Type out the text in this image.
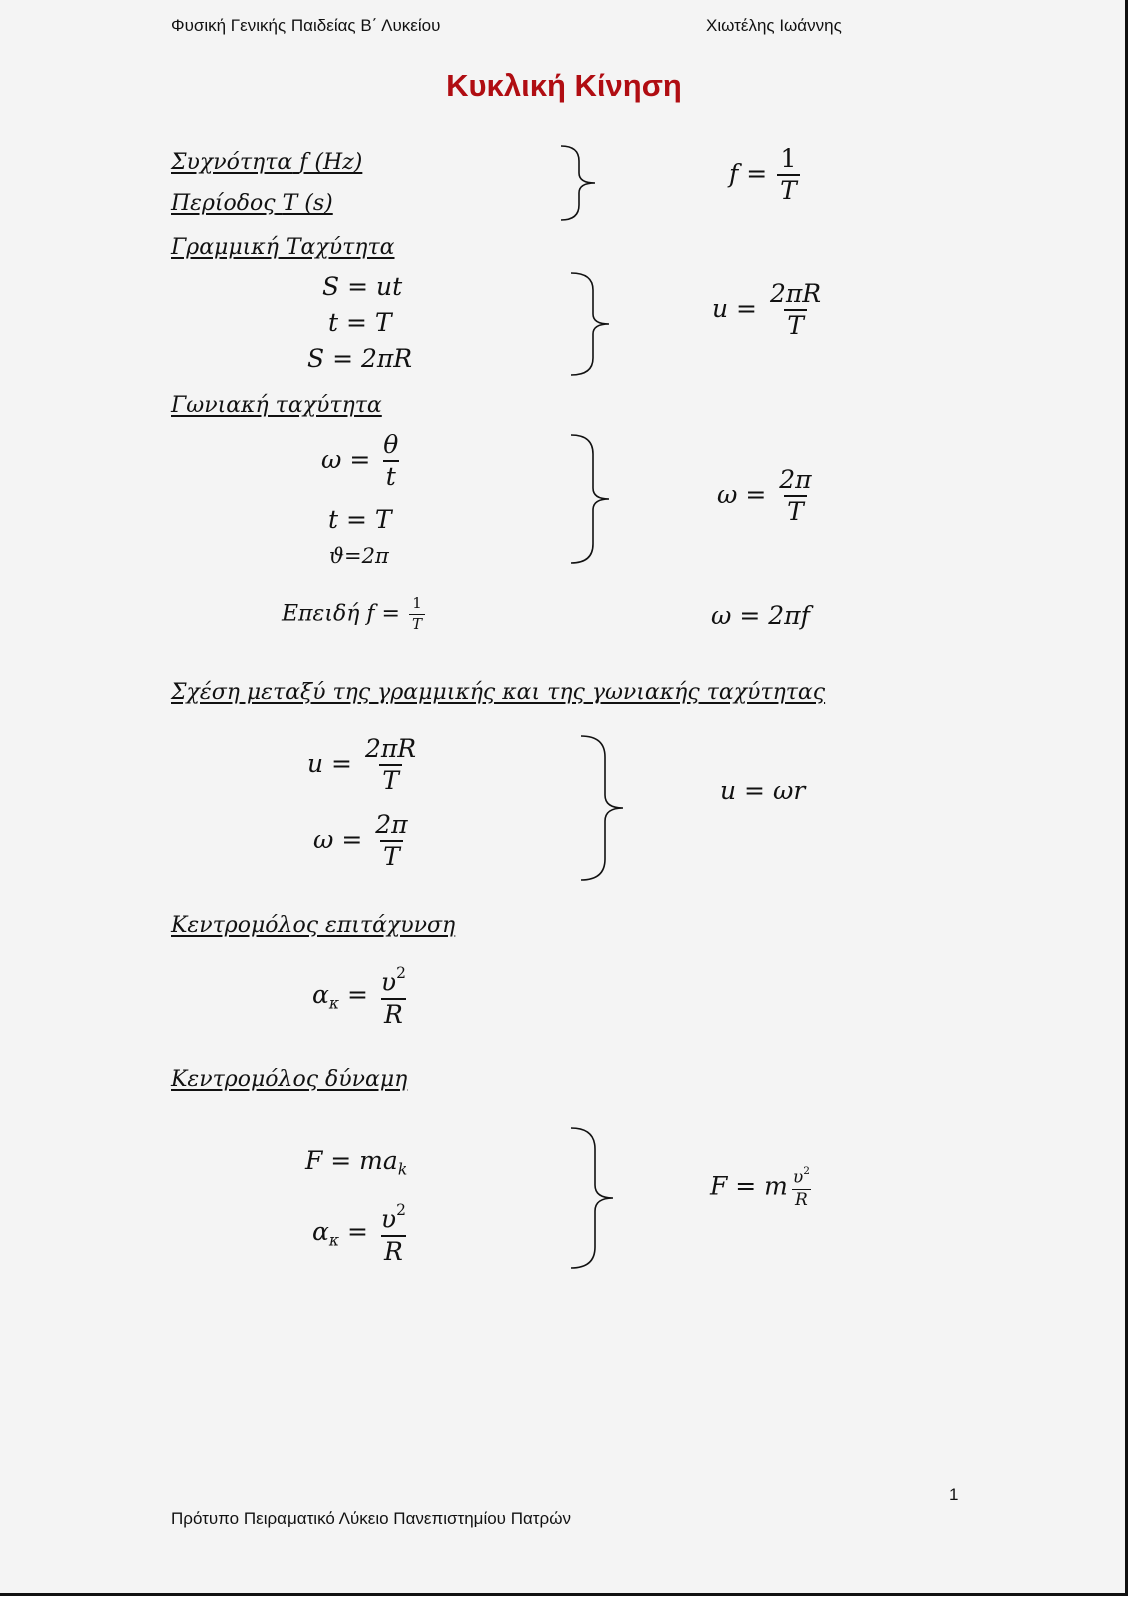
Φυσική Γενικής Παιδείας Β΄ Λυκείου	Χιωτέλης Ιωάννης
Κυκλική Κίνηση
Συχνότητα f (Hz)
Περίοδος T (s)
$f = \frac{1}{T}$
Γραμμική Ταχύτητα
S = ut
t = T
S = 2πR
$u = \frac{2\pi R}{T}$
Γωνιακή ταχύτητα
$\omega = \frac{\theta}{t}$
t = T
ϑ=2π
$\omega = \frac{2\pi}{T}$
Επειδή $f = \frac{1}{T}$	ω = 2πf
Σχέση μεταξύ της γραμμικής και της γωνιακής ταχύτητας
$u = \frac{2\pi R}{T}$
$\omega = \frac{2\pi}{T}$
u = ωr
Κεντρομόλος επιτάχυνση
$\alpha_\kappa = \frac{\upsilon^2}{R}$
Κεντρομόλος δύναμη
$F = ma_k$
$\alpha_\kappa = \frac{\upsilon^2}{R}$
F = m $\frac{\upsilon^2}{R}$
1
Πρότυπο Πειραματικό Λύκειο Πανεπιστημίου Πατρών
